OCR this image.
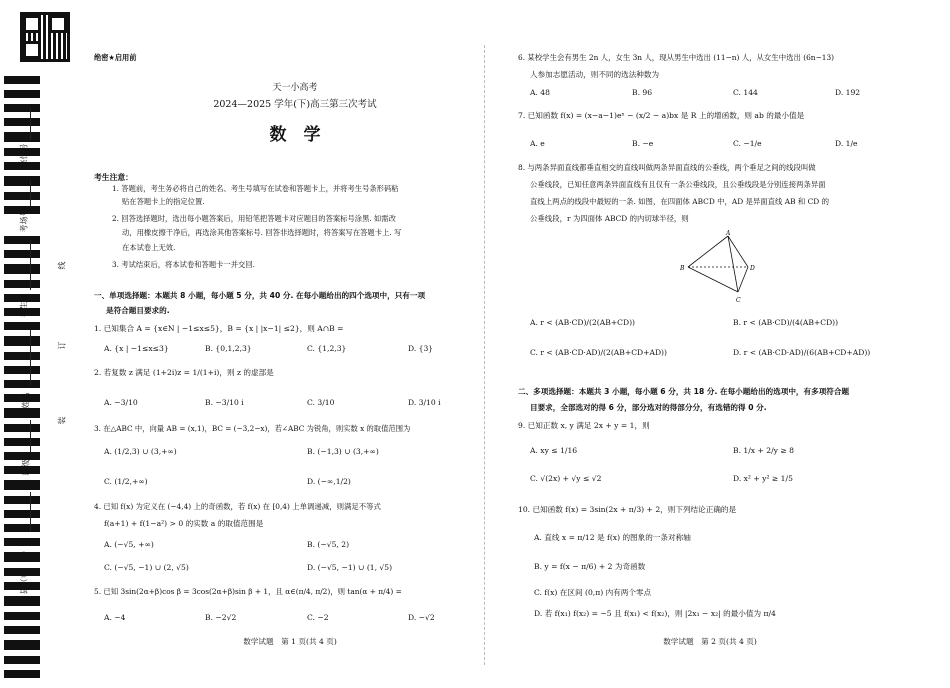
座位号
考场号
考生号
姓名
班级
县（市、区）
线
订
装
绝密★启用前
天一小高考
2024—2025 学年(下)高三第三次考试
数　学
考生注意：
1. 答题前，考生务必将自己的姓名、考生号填写在试卷和答题卡上，并将考生号条形码粘
贴在答题卡上的指定位置.
2. 回答选择题时，选出每小题答案后，用铅笔把答题卡对应题目的答案标号涂黑. 如需改
动，用橡皮擦干净后，再选涂其他答案标号. 回答非选择题时，将答案写在答题卡上. 写
在本试卷上无效.
3. 考试结束后，将本试卷和答题卡一并交回.
一、单项选择题：本题共 8 小题，每小题 5 分，共 40 分. 在每小题给出的四个选项中，只有一项
是符合题目要求的.
1. 已知集合 A = {x∈N | −1≤x≤5}，B = {x | |x−1| ≤2}，则 A∩B =
A. {x | −1≤x≤3}	B. {0,1,2,3}	C. {1,2,3}	D. {3}
2. 若复数 z 满足 (1+2i)z = 1/(1+i)，则 z 的虚部是
A. −3/10	B. −3/10 i	C. 3/10	D. 3/10 i
3. 在△ABC 中，向量 AB = (x,1)，BC = (−3,2−x)，若∠ABC 为锐角，则实数 x 的取值范围为
A. (1/2,3) ∪ (3,+∞)	B. (−1,3) ∪ (3,+∞)
C. (1/2,+∞)	D. (−∞,1/2)
4. 已知 f(x) 为定义在 (−4,4) 上的奇函数，若 f(x) 在 [0,4) 上单调递减，则满足不等式
f(a+1) + f(1−a²) > 0 的实数 a 的取值范围是
A. (−√5, +∞)	B. (−√5, 2)
C. (−√5, −1) ∪ (2, √5)	D. (−√5, −1) ∪ (1, √5)
5. 已知 3sin(2α+β)cos β = 3cos(2α+β)sin β + 1，且 α∈(π/4, π/2)，则 tan(α + π/4) =
A. −4	B. −2√2	C. −2	D. −√2
数学试题　第 1 页(共 4 页)
6. 某校学生会有男生 2n 人，女生 3n 人，现从男生中选出 (11−n) 人，从女生中选出 (6n−13)
人参加志愿活动，则不同的选法种数为
A. 48	B. 96	C. 144	D. 192
7. 已知函数 f(x) = (x−a−1)eˣ − (x/2 − a)bx 是 R 上的增函数，则 ab 的最小值是
A. e	B. −e	C. −1/e	D. 1/e
8. 与两条异面直线都垂直相交的直线叫做两条异面直线的公垂线，两个垂足之间的线段叫做
公垂线段，已知任意两条异面直线有且仅有一条公垂线段，且公垂线段是分别连接两条异面
直线上两点的线段中最短的一条. 如图，在四面体 ABCD 中，AD 是异面直线 AB 和 CD 的
公垂线段，r 为四面体 ABCD 的内切球半径，则
A
B	D
C
A. r < (AB·CD)/(2(AB+CD))	B. r < (AB·CD)/(4(AB+CD))
C. r < (AB·CD·AD)/(2(AB+CD+AD))	D. r < (AB·CD·AD)/(6(AB+CD+AD))
二、多项选择题：本题共 3 小题，每小题 6 分，共 18 分. 在每小题给出的选项中，有多项符合题
目要求，全部选对的得 6 分，部分选对的得部分分，有选错的得 0 分.
9. 已知正数 x, y 满足 2x + y = 1，则
A. xy ≤ 1/16	B. 1/x + 2/y ≥ 8
C. √(2x) + √y ≤ √2	D. x² + y² ≥ 1/5
10. 已知函数 f(x) = 3sin(2x + π/3) + 2，则下列结论正确的是
A. 直线 x = π/12 是 f(x) 的图象的一条对称轴
B. y = f(x − π/6) + 2 为奇函数
C. f(x) 在区间 (0,π) 内有两个零点
D. 若 f(x₁) f(x₂) = −5 且 f(x₁) < f(x₂)，则 |2x₁ − x₂| 的最小值为 π/4
数学试题　第 2 页(共 4 页)
